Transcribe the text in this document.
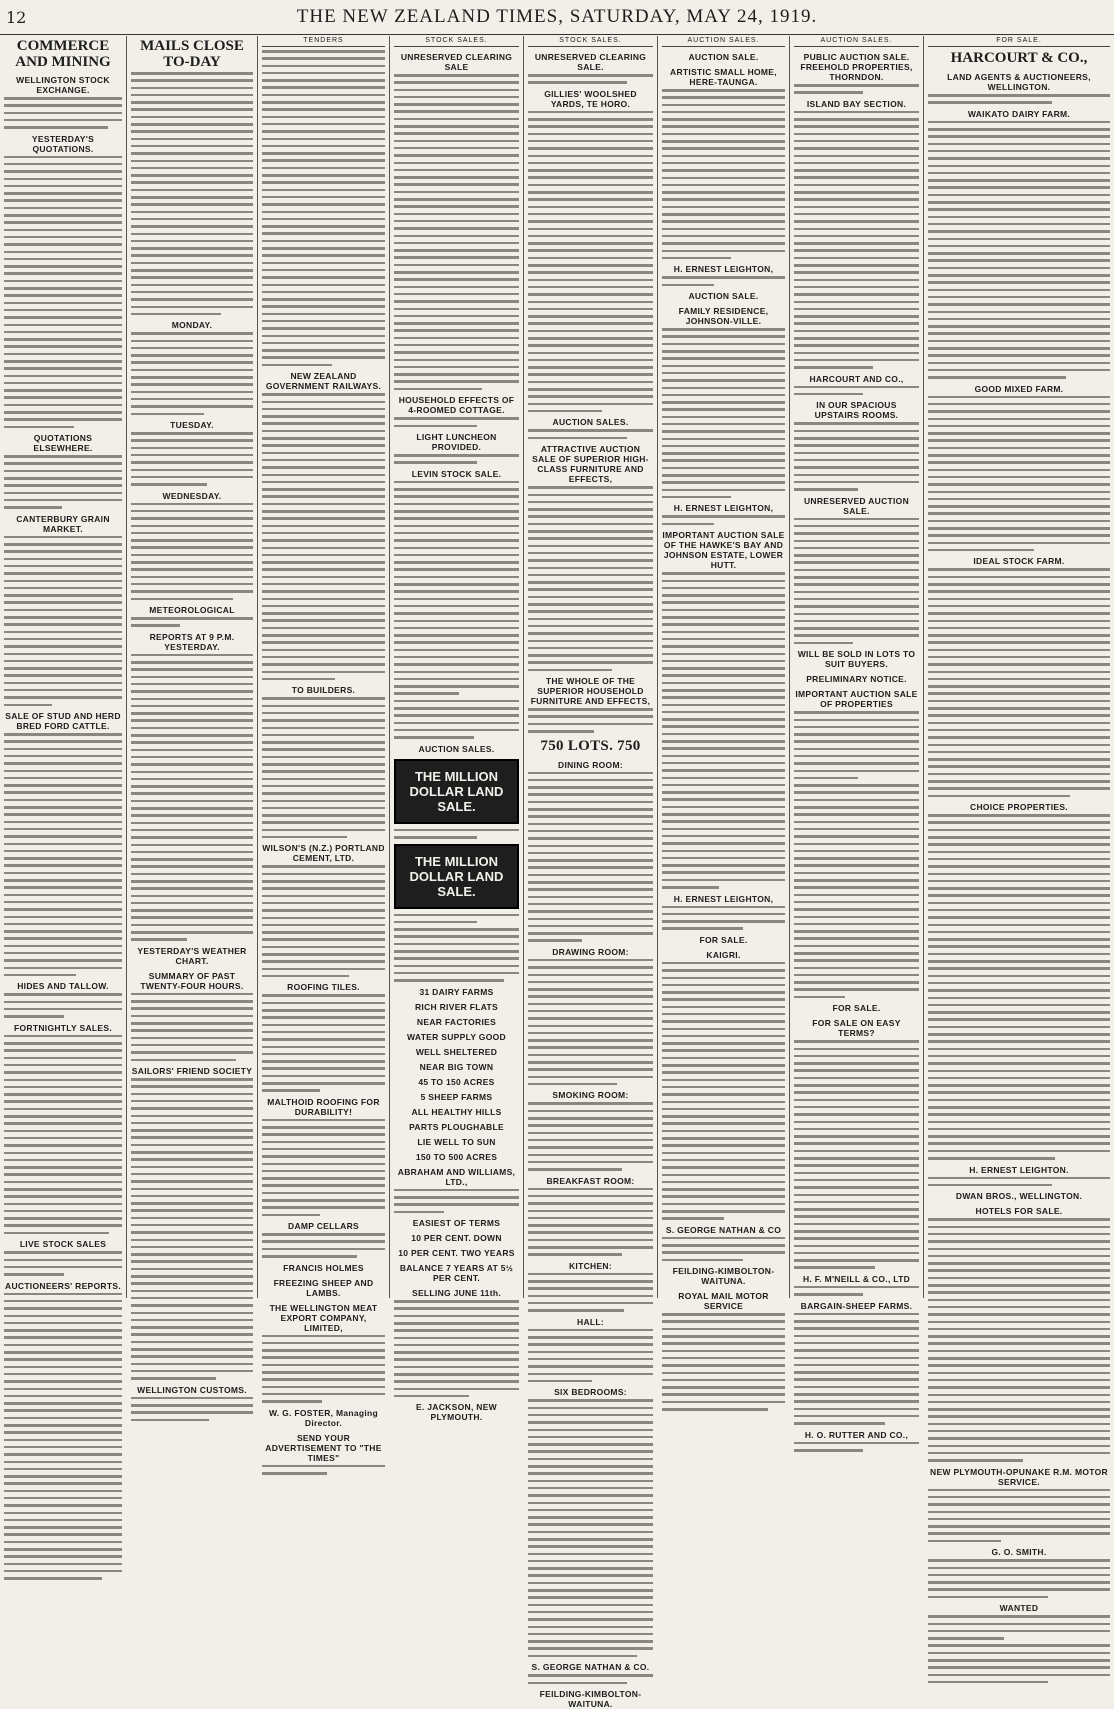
12	THE NEW ZEALAND TIMES, SATURDAY, MAY 24, 1919.
COMMERCE AND MINING
WELLINGTON STOCK EXCHANGE.
YESTERDAY'S QUOTATIONS.
QUOTATIONS ELSEWHERE.
CANTERBURY GRAIN MARKET.
SALE OF STUD AND HERD BRED FORD CATTLE.
HIDES AND TALLOW.
FORTNIGHTLY SALES.
LIVE STOCK SALES
AUCTIONEERS' REPORTS.
MAILS CLOSE TO-DAY
MONDAY.
TUESDAY.
WEDNESDAY.
METEOROLOGICAL
REPORTS AT 9 P.M. YESTERDAY.
YESTERDAY'S WEATHER CHART.
SUMMARY OF PAST TWENTY-FOUR HOURS.
SAILORS' FRIEND SOCIETY
WELLINGTON CUSTOMS.
TENDERS
NEW ZEALAND GOVERNMENT RAILWAYS.
TO BUILDERS.
WILSON'S (N.Z.) PORTLAND CEMENT, LTD.
ROOFING TILES.
MALTHOID ROOFING FOR DURABILITY!
DAMP CELLARS
FRANCIS HOLMES
FREEZING SHEEP AND LAMBS.
THE WELLINGTON MEAT EXPORT COMPANY, LIMITED,
W. G. FOSTER, Managing Director.
SEND YOUR ADVERTISEMENT TO "THE TIMES"
STOCK SALES.
UNRESERVED CLEARING SALE
HOUSEHOLD EFFECTS OF 4-ROOMED COTTAGE.
LIGHT LUNCHEON PROVIDED.
LEVIN STOCK SALE.
AUCTION SALES.
THE MILLION DOLLAR LAND SALE.
THE MILLION DOLLAR LAND SALE.
31 DAIRY FARMS
RICH RIVER FLATS
NEAR FACTORIES
WATER SUPPLY GOOD
WELL SHELTERED
NEAR BIG TOWN
45 TO 150 ACRES
5 SHEEP FARMS
ALL HEALTHY HILLS
PARTS PLOUGHABLE
LIE WELL TO SUN
150 TO 500 ACRES
ABRAHAM AND WILLIAMS, LTD.,
EASIEST OF TERMS
10 PER CENT. DOWN
10 PER CENT. TWO YEARS
BALANCE 7 YEARS AT 5½ PER CENT.
SELLING JUNE 11th.
E. JACKSON, NEW PLYMOUTH.
STOCK SALES.
UNRESERVED CLEARING SALE.
GILLIES' WOOLSHED YARDS, TE HORO.
AUCTION SALES.
ATTRACTIVE AUCTION SALE OF SUPERIOR HIGH-CLASS FURNITURE AND EFFECTS,
THE WHOLE OF THE SUPERIOR HOUSEHOLD FURNITURE AND EFFECTS,
750 LOTS. 750
DINING ROOM:
DRAWING ROOM:
SMOKING ROOM:
BREAKFAST ROOM:
KITCHEN:
HALL:
SIX BEDROOMS:
S. GEORGE NATHAN & CO.
FEILDING-KIMBOLTON-WAITUNA.
AUCTION SALES.
AUCTION SALE.
ARTISTIC SMALL HOME, HERE-TAUNGA.
H. ERNEST LEIGHTON,
AUCTION SALE.
FAMILY RESIDENCE, JOHNSON-VILLE.
H. ERNEST LEIGHTON,
IMPORTANT AUCTION SALE OF THE HAWKE'S BAY AND JOHNSON ESTATE, LOWER HUTT.
H. ERNEST LEIGHTON,
FOR SALE.
KAIGRI.
S. GEORGE NATHAN & CO
FEILDING-KIMBOLTON-WAITUNA.
ROYAL MAIL MOTOR SERVICE
AUCTION SALES.
PUBLIC AUCTION SALE. FREEHOLD PROPERTIES, THORNDON.
ISLAND BAY SECTION.
HARCOURT AND CO.,
IN OUR SPACIOUS UPSTAIRS ROOMS.
UNRESERVED AUCTION SALE.
WILL BE SOLD IN LOTS TO SUIT BUYERS.
PRELIMINARY NOTICE.
IMPORTANT AUCTION SALE OF PROPERTIES
FOR SALE.
FOR SALE ON EASY TERMS?
H. F. M'NEILL & CO., LTD
BARGAIN-SHEEP FARMS.
H. O. RUTTER AND CO.,
FOR SALE.
HARCOURT & CO.,
LAND AGENTS & AUCTIONEERS, WELLINGTON.
WAIKATO DAIRY FARM.
GOOD MIXED FARM.
IDEAL STOCK FARM.
CHOICE PROPERTIES.
H. ERNEST LEIGHTON.
DWAN BROS., WELLINGTON.
HOTELS FOR SALE.
NEW PLYMOUTH-OPUNAKE R.M. MOTOR SERVICE.
G. O. SMITH.
WANTED
